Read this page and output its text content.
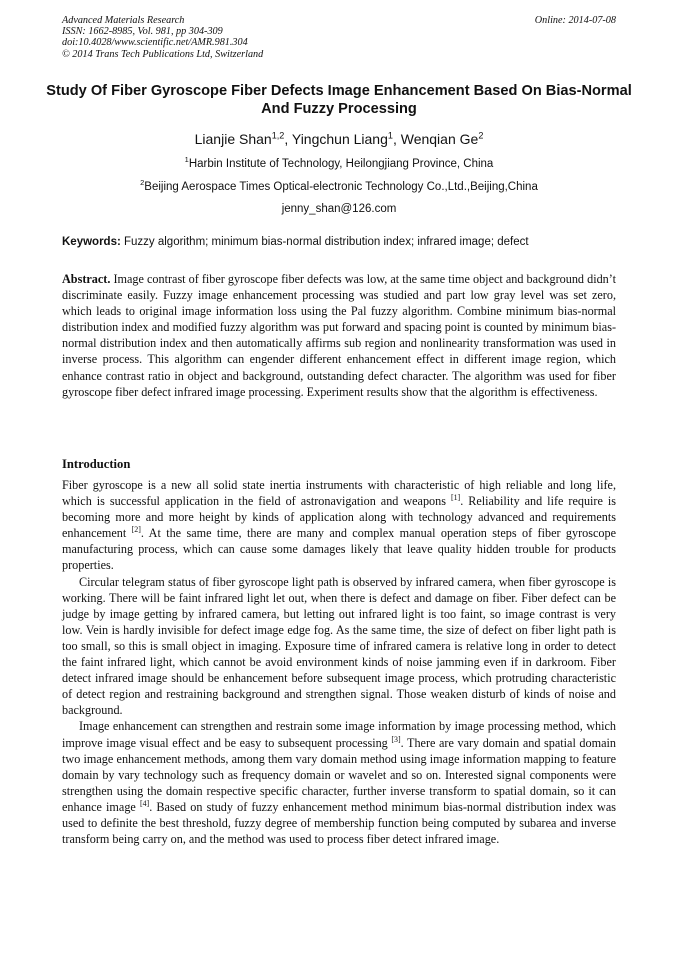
Advanced Materials Research
ISSN: 1662-8985, Vol. 981, pp 304-309
doi:10.4028/www.scientific.net/AMR.981.304
© 2014 Trans Tech Publications Ltd, Switzerland
Online: 2014-07-08
Study Of Fiber Gyroscope Fiber Defects Image Enhancement Based On Bias-Normal And Fuzzy Processing
Lianjie Shan$^{1,2}$, Yingchun Liang$^1$, Wenqian Ge$^2$
$^1$Harbin Institute of Technology, Heilongjiang Province, China
$^2$Beijing Aerospace Times Optical-electronic Technology Co.,Ltd.,Beijing,China
jenny_shan@126.com
Keywords: Fuzzy algorithm; minimum bias-normal distribution index; infrared image; defect
Abstract. Image contrast of fiber gyroscope fiber defects was low, at the same time object and background didn’t discriminate easily. Fuzzy image enhancement processing was studied and part low gray level was set zero, which leads to original image information loss using the Pal fuzzy algorithm. Combine minimum bias-normal distribution index and modified fuzzy algorithm was put forward and spacing point is counted by minimum bias-normal distribution index and then automatically affirms sub region and nonlinearity transformation was used in inverse process. This algorithm can engender different enhancement effect in different image region, which enhance contrast ratio in object and background, outstanding defect character. The algorithm was used for fiber gyroscope fiber defect infrared image processing. Experiment results show that the algorithm is effectiveness.
Introduction

Fiber gyroscope is a new all solid state inertia instruments with characteristic of high reliable and long life, which is successful application in the field of astronavigation and weapons [1]. Reliability and life require is becoming more and more height by kinds of application along with technology advanced and requirements enhancement [2]. At the same time, there are many and complex manual operation steps of fiber gyroscope manufacturing process, which can cause some damages likely that leave quality hidden trouble for products properties.

Circular telegram status of fiber gyroscope light path is observed by infrared camera, when fiber gyroscope is working. There will be faint infrared light let out, when there is defect and damage on fiber. Fiber defect can be judge by image getting by infrared camera, but letting out infrared light is too faint, so image contrast is very low. Vein is hardly invisible for defect image edge fog. As the same time, the size of defect on fiber light path is too small, so this is small object in imaging. Exposure time of infrared camera is relative long in order to detect the faint infrared light, which cannot be avoid environment kinds of noise jamming even if in darkroom. Fiber detect infrared image should be enhancement before subsequent image process, which protruding characteristic of detect region and restraining background and strengthen signal. Those weaken disturb of kinds of noise and background.

Image enhancement can strengthen and restrain some image information by image processing method, which improve image visual effect and be easy to subsequent processing [3]. There are vary domain and spatial domain two image enhancement methods, among them vary domain method using image information mapping to feature domain by vary technology such as frequency domain or wavelet and so on. Interested signal components were strengthen using the domain respective specific character, further inverse transform to spatial domain, so it can enhance image [4]. Based on study of fuzzy enhancement method minimum bias-normal distribution index was used to definite the best threshold, fuzzy degree of membership function being computed by subarea and inverse transform being carry on, and the method was used to process fiber detect infrared image.
